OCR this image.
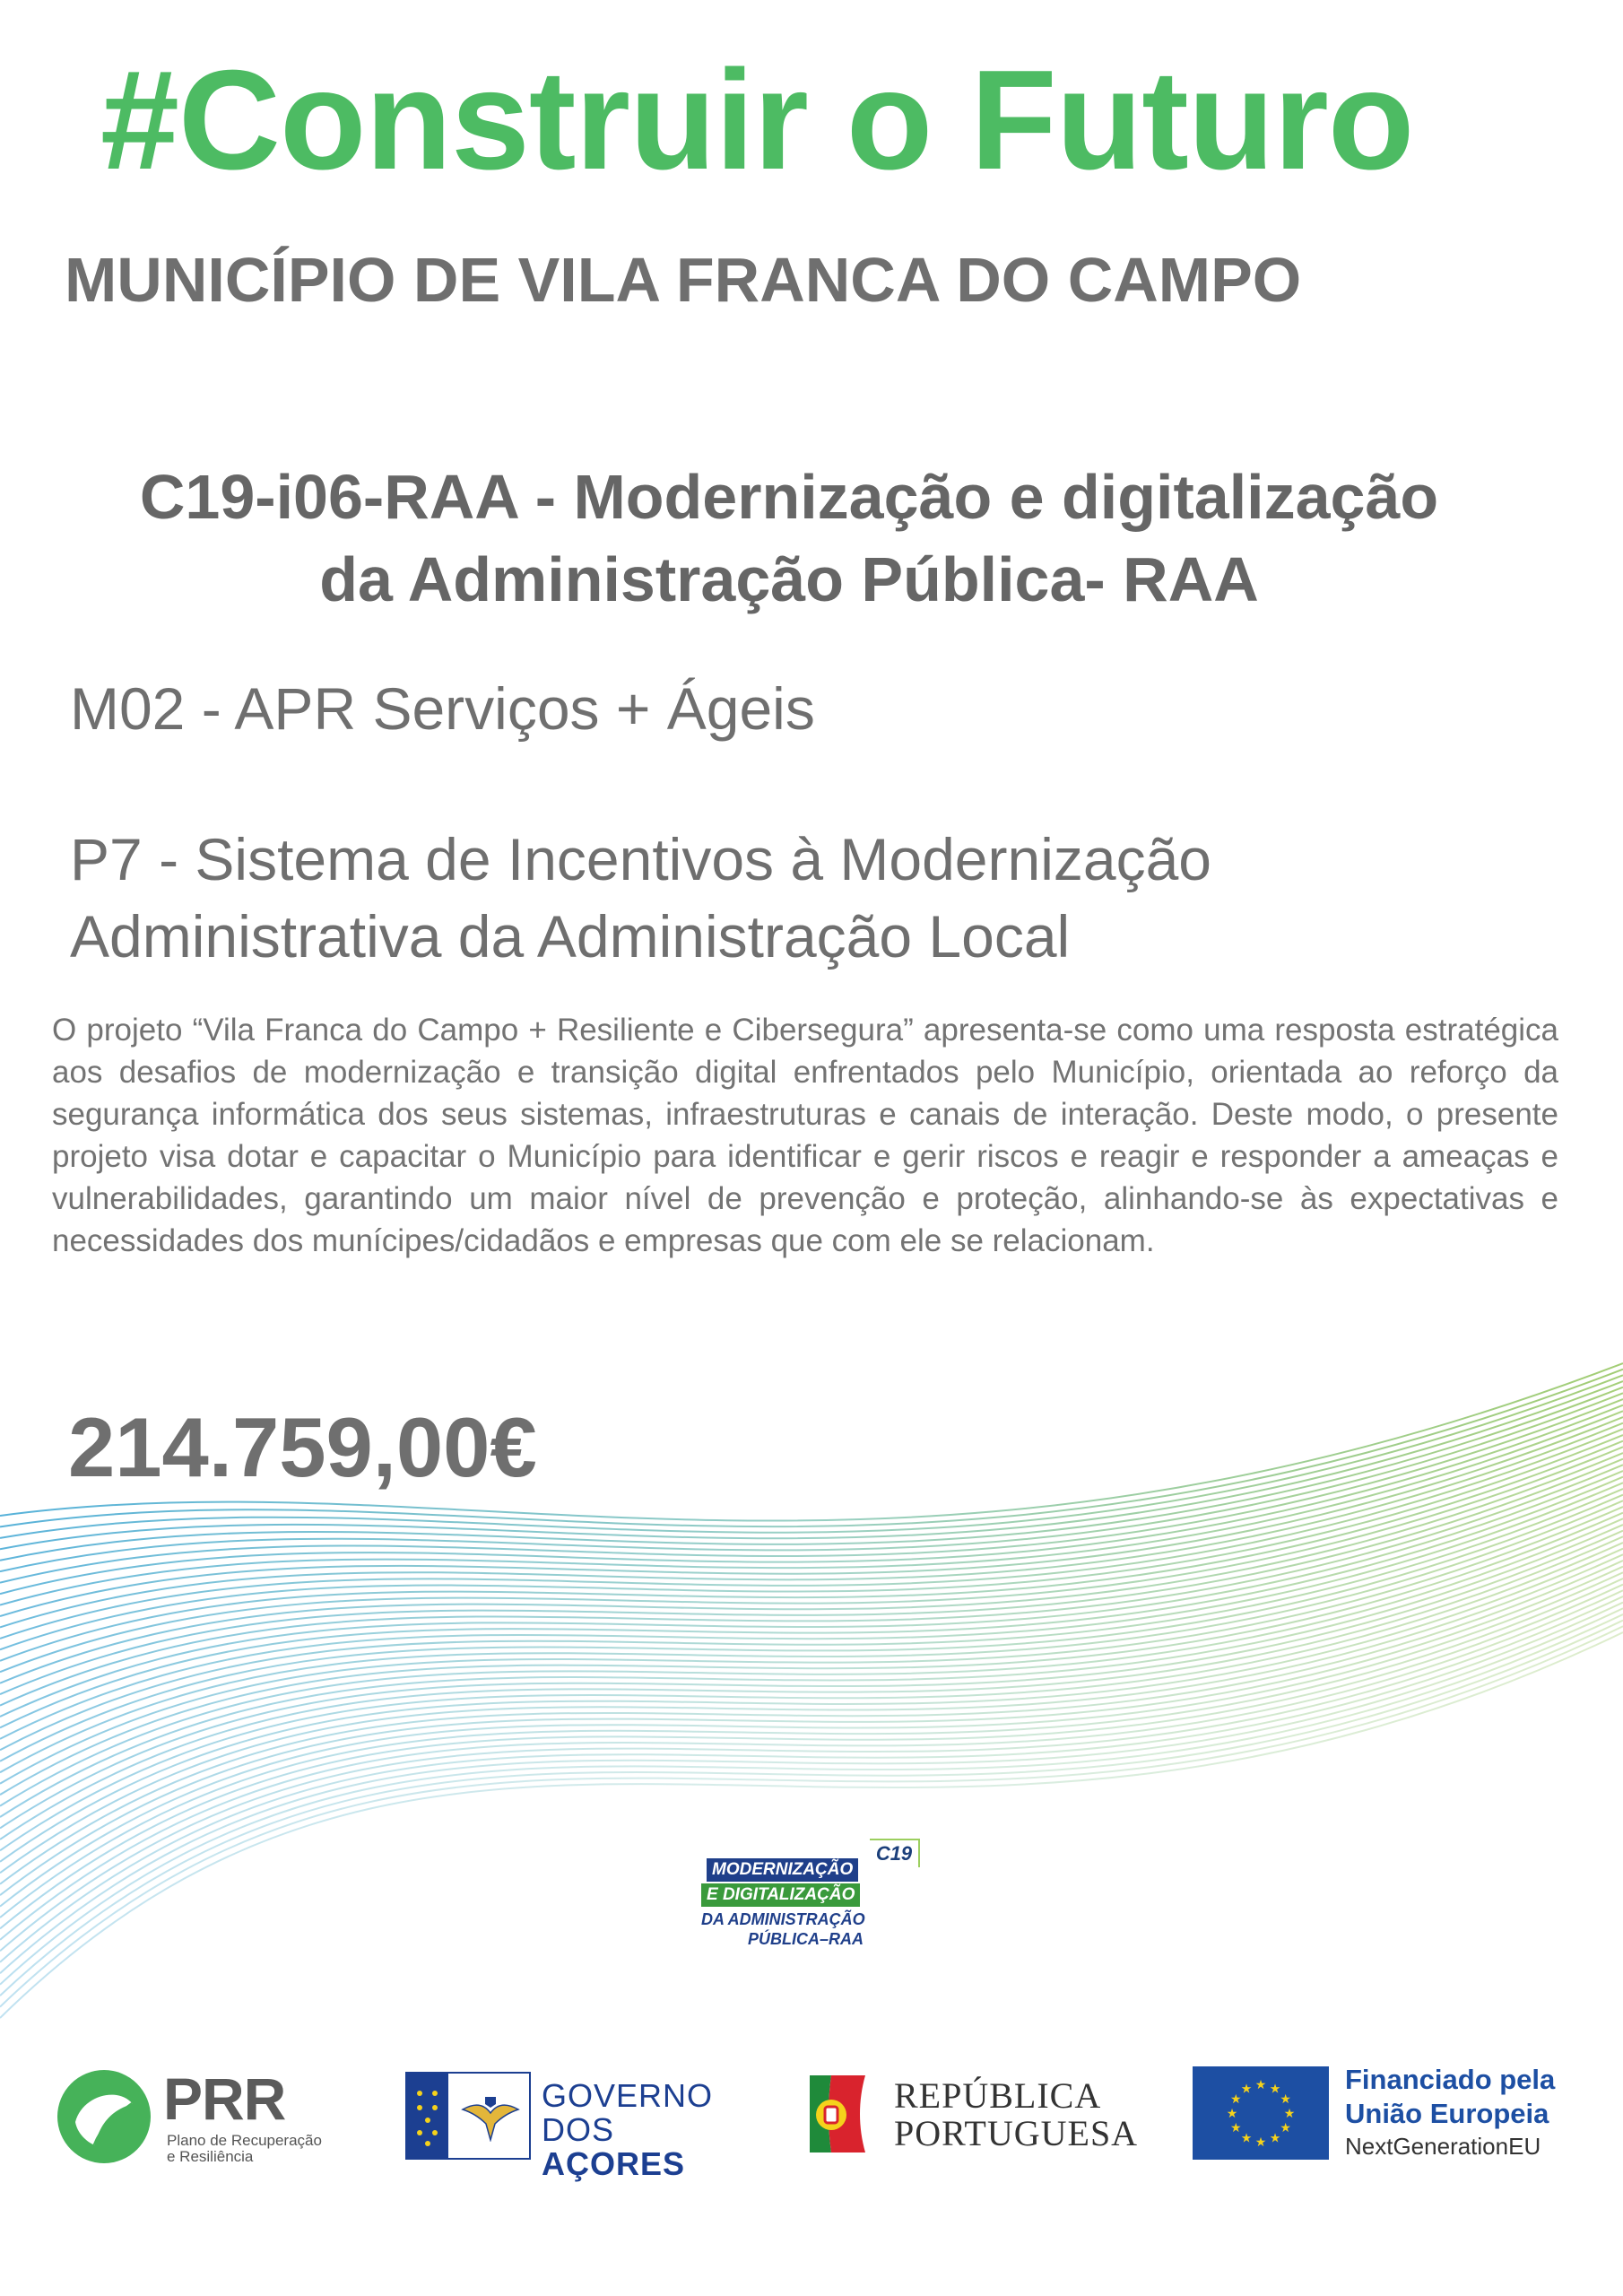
#Construir o Futuro
MUNICÍPIO DE VILA FRANCA DO CAMPO
C19-i06-RAA - Modernização e digitalização
da Administração Pública- RAA
M02 - APR Serviços + Ágeis
P7 - Sistema de Incentivos à Modernização
Administrativa da Administração Local
O projeto “Vila Franca do Campo + Resiliente e Cibersegura” apresenta-se como uma resposta estratégica aos desafios de modernização e transição digital enfrentados pelo Município, orientada ao reforço da segurança informática dos seus sistemas, infraestruturas e canais de interação. Deste modo, o presente projeto visa dotar e capacitar o Município para identificar e gerir riscos e reagir e responder a ameaças e vulnerabilidades, garantindo um maior nível de prevenção e proteção, alinhando-se às expectativas e necessidades dos munícipes/cidadãos e empresas que com ele se relacionam.
214.759,00€
C19
MODERNIZAÇÃO
E DIGITALIZAÇÃO
DA ADMINISTRAÇÃO
PÚBLICA–RAA
PRR
Plano de Recuperação
e Resiliência
GOVERNO
DOS AÇORES
REPÚBLICA
PORTUGUESA	★
★
★
★
★
★
★
★
★ ★ ★
★
Financiado pela
União Europeia
NextGenerationEU
